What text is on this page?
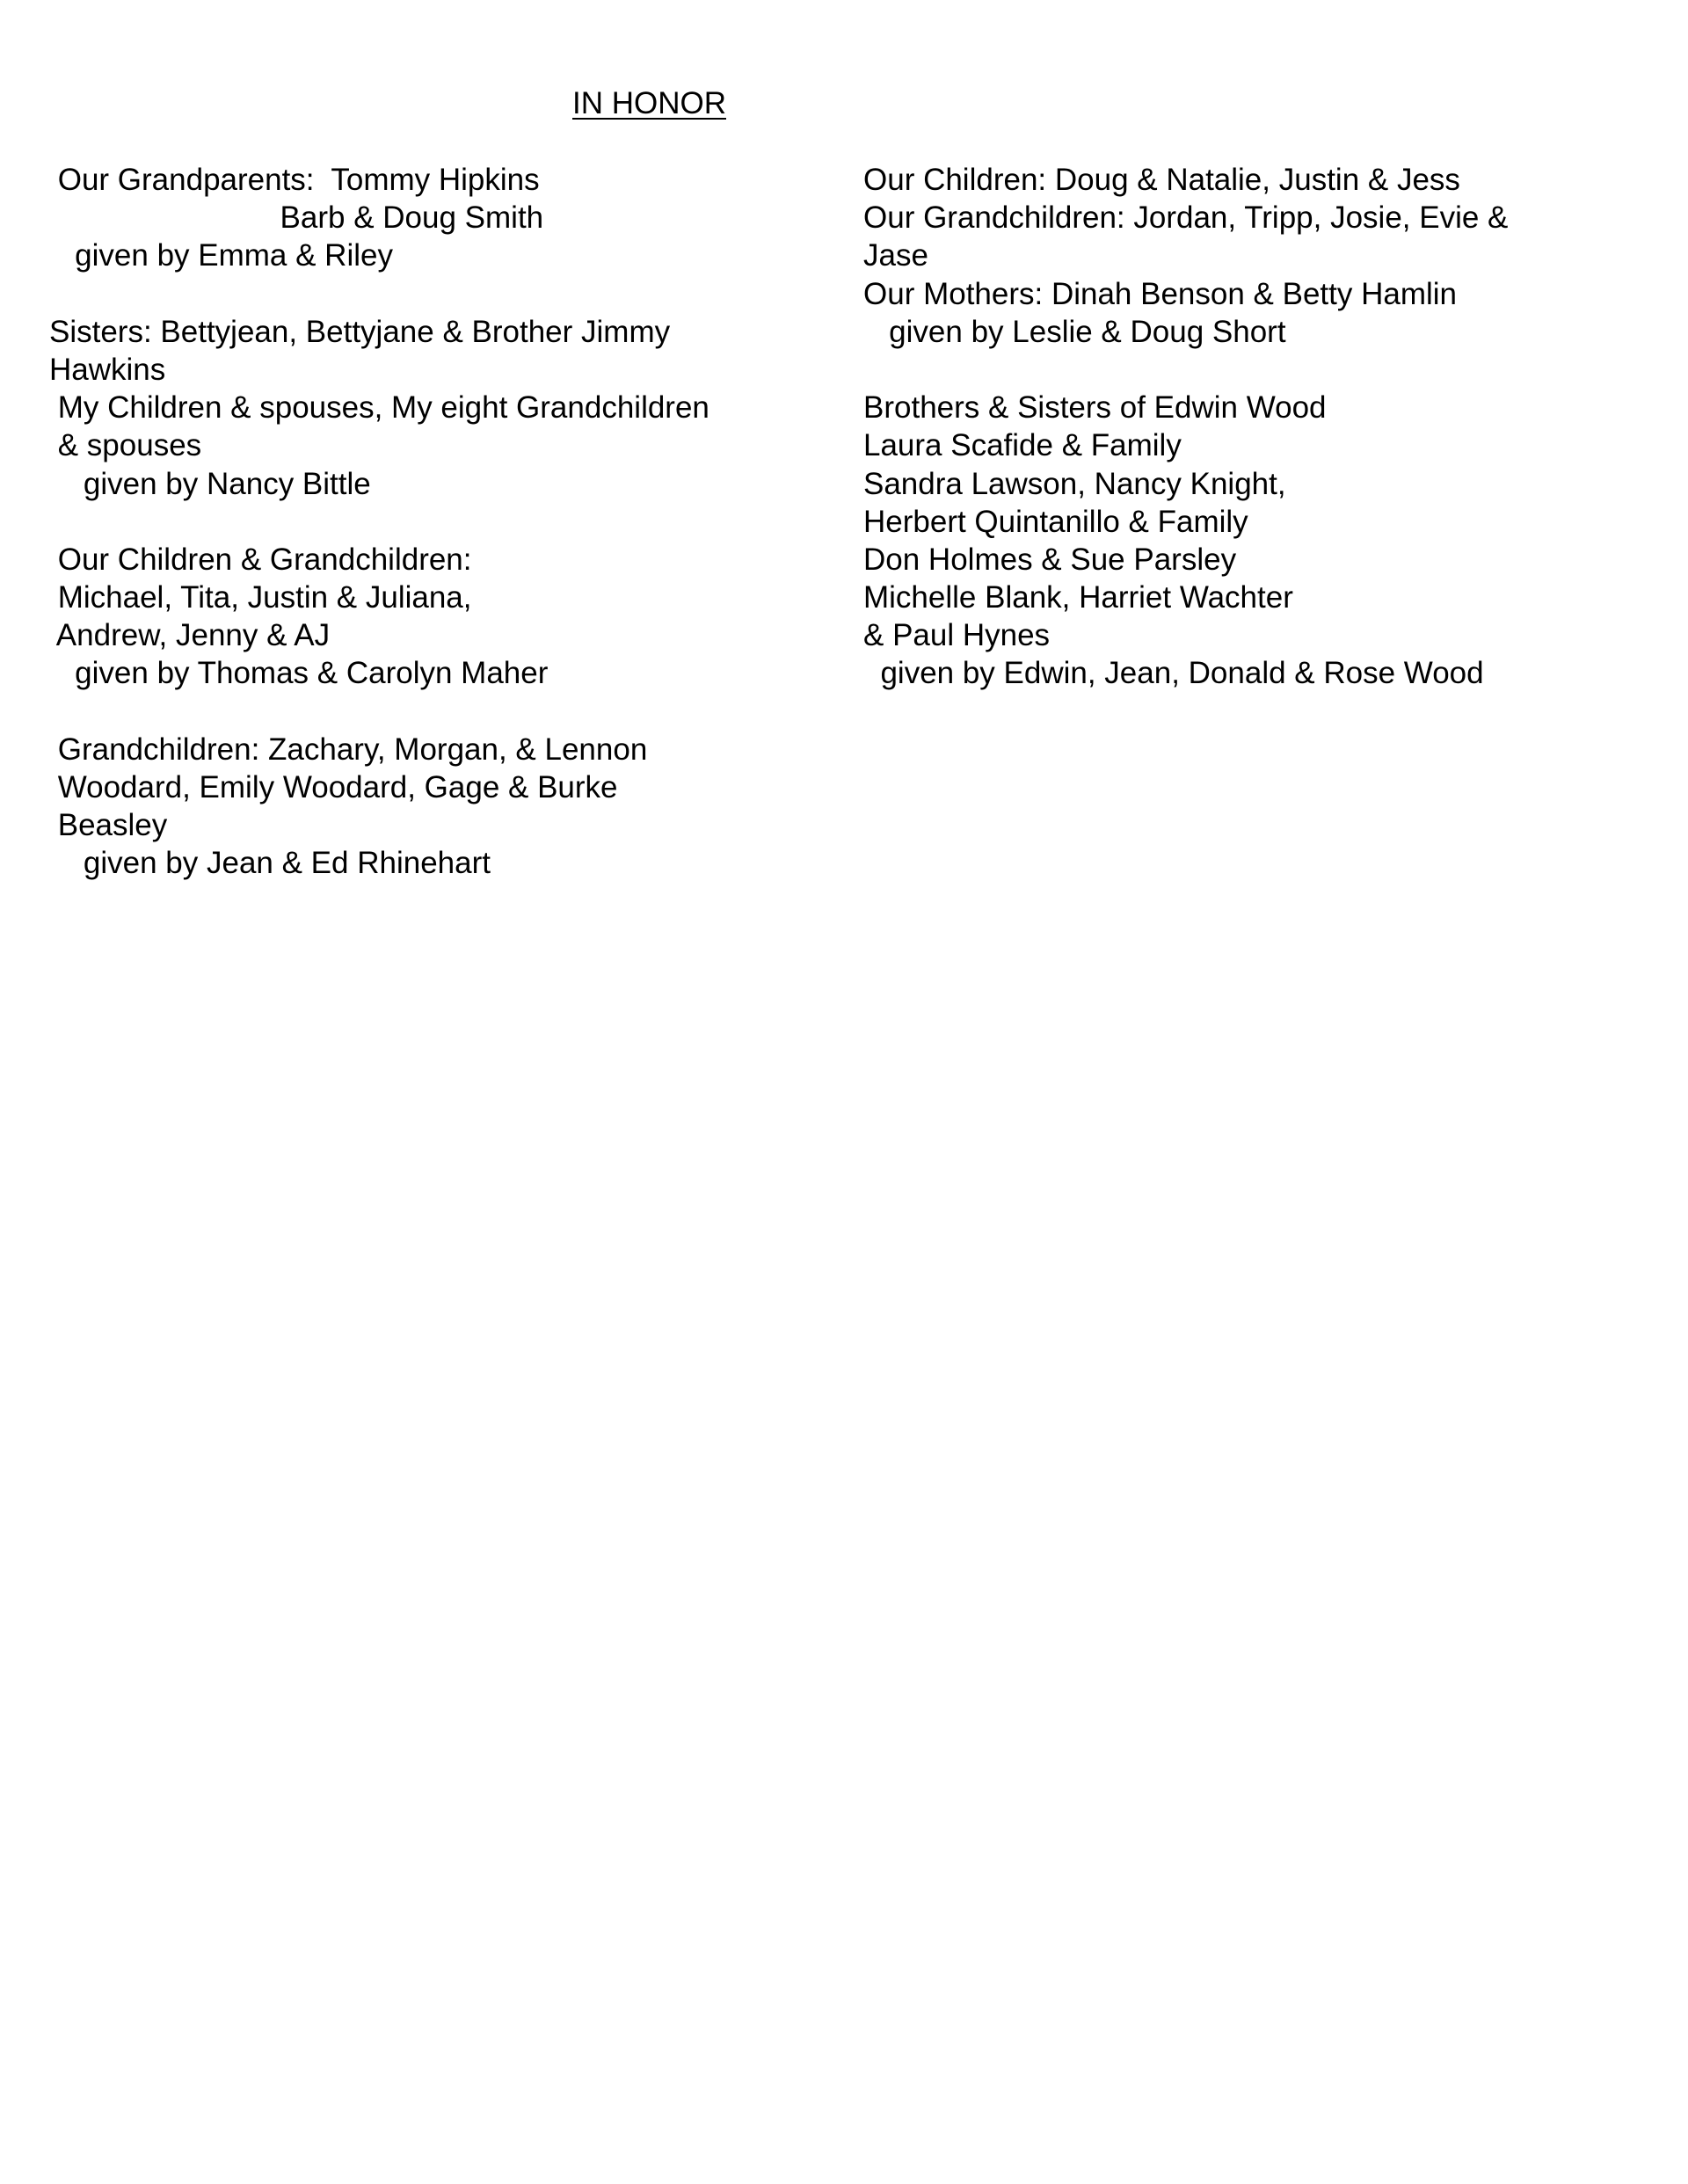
IN HONOR
Our Grandparents:  Tommy Hipkins
Barb & Doug Smith
given by Emma & Riley
Sisters: Bettyjean, Bettyjane & Brother Jimmy
Hawkins
My Children & spouses, My eight Grandchildren
& spouses
given by Nancy Bittle
Our Children & Grandchildren:
Michael, Tita, Justin & Juliana,
Andrew, Jenny & AJ
given by Thomas & Carolyn Maher
Grandchildren: Zachary, Morgan, & Lennon
Woodard, Emily Woodard, Gage & Burke
Beasley
given by Jean & Ed Rhinehart
Our Children: Doug & Natalie, Justin & Jess
Our Grandchildren: Jordan, Tripp, Josie, Evie &
Jase
Our Mothers: Dinah Benson & Betty Hamlin
given by Leslie & Doug Short
Brothers & Sisters of Edwin Wood
Laura Scafide & Family
Sandra Lawson, Nancy Knight,
Herbert Quintanillo & Family
Don Holmes & Sue Parsley
Michelle Blank, Harriet Wachter
& Paul Hynes
given by Edwin, Jean, Donald & Rose Wood
